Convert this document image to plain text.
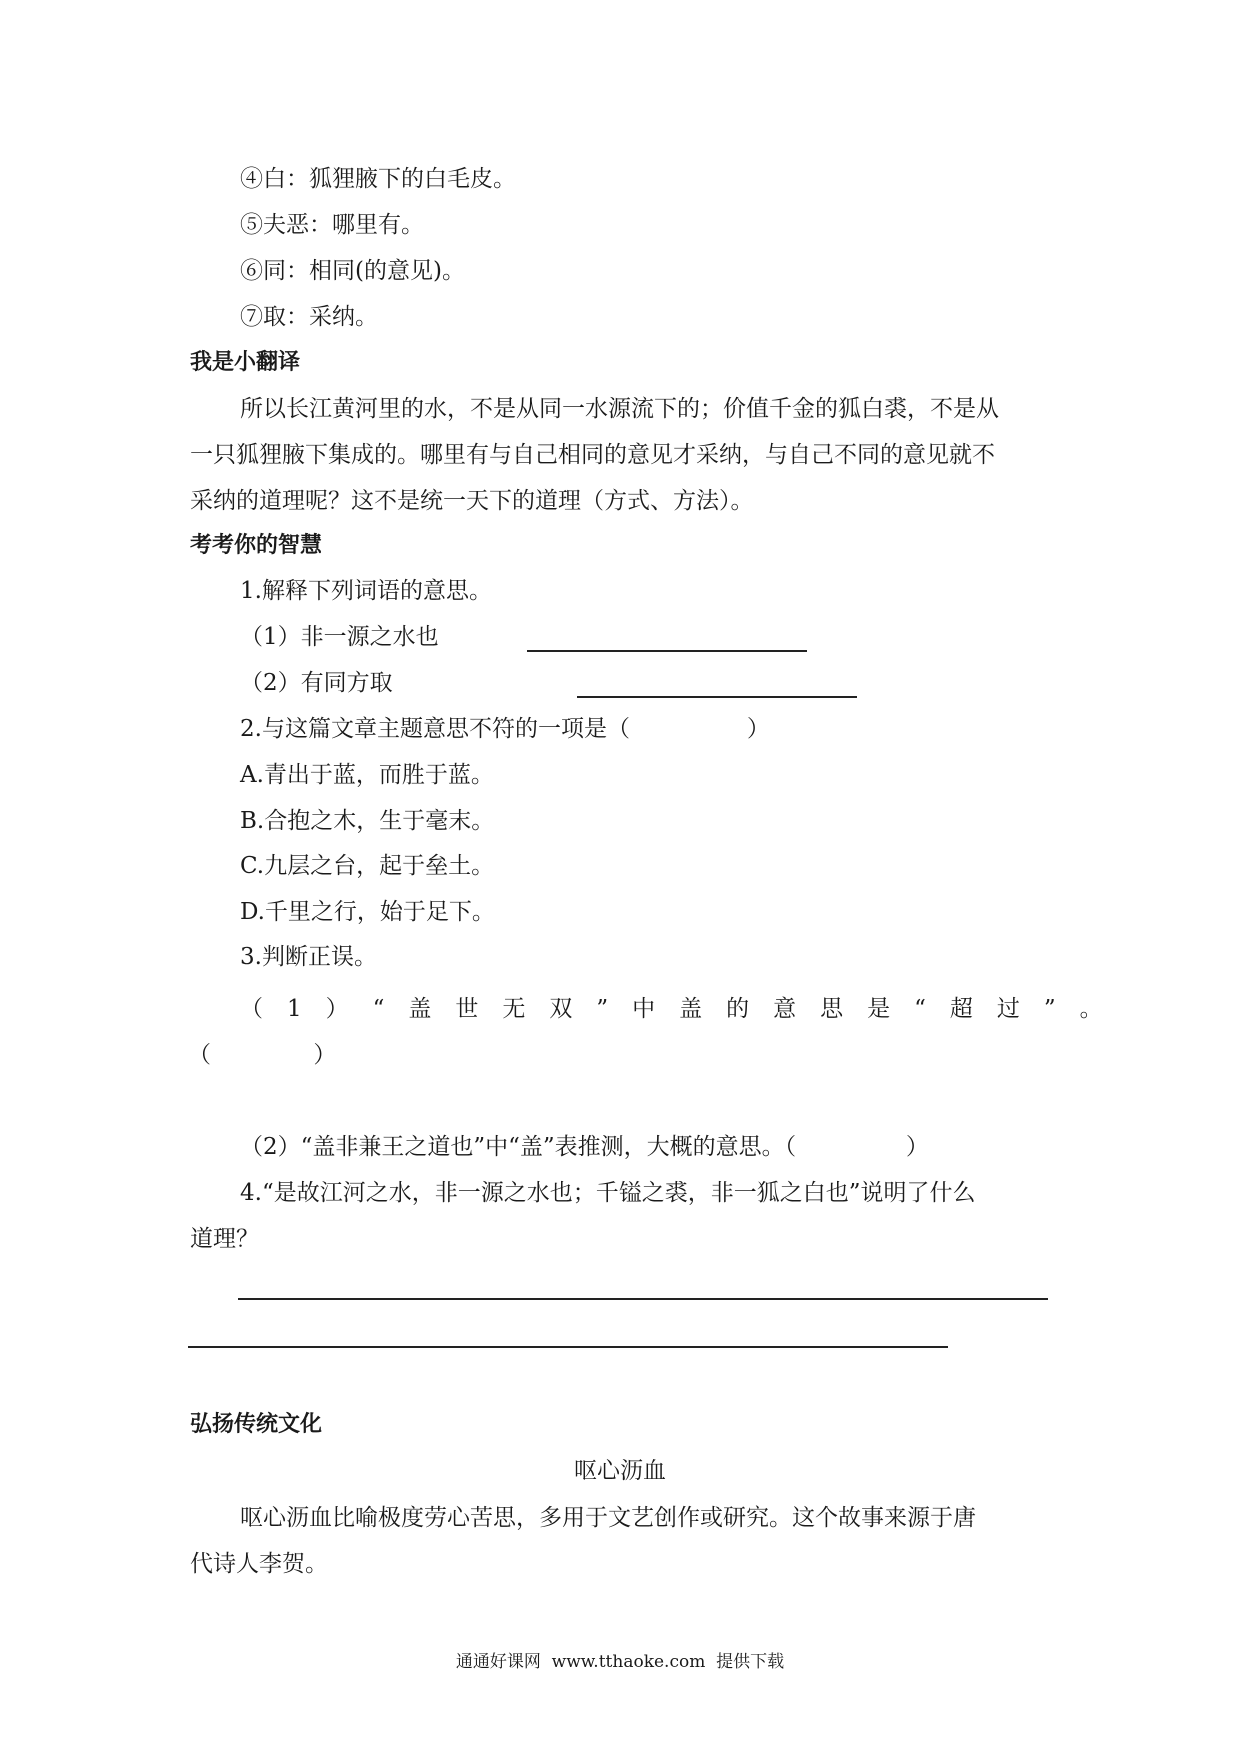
④白：狐狸腋下的白毛皮。
⑤夫恶：哪里有。
⑥同：相同(的意见)。
⑦取：采纳。
我是小翻译
所以长江黄河里的水，不是从同一水源流下的；价值千金的狐白裘，不是从
一只狐狸腋下集成的。哪里有与自己相同的意见才采纳，与自己不同的意见就不
采纳的道理呢？这不是统一天下的道理（方式、方法）。
考考你的智慧
1.解释下列词语的意思。
（1）非一源之水也
（2）有同方取
2.与这篇文章主题意思不符的一项是（                ）
A.青出于蓝，而胜于蓝。
B.合抱之木，生于毫末。
C.九层之台，起于垒土。
D.千里之行，始于足下。
3.判断正误。
（1）“盖世无双”中盖的意思是“超过”。
（              ）
（2）“盖非兼王之道也”中“盖”表推测，大概的意思。（               ）
4.“是故江河之水，非一源之水也；千镒之裘，非一狐之白也”说明了什么
道理？
弘扬传统文化
呕心沥血
呕心沥血比喻极度劳心苦思，多用于文艺创作或研究。这个故事来源于唐
代诗人李贺。
通通好课网  www.tthaoke.com  提供下载
